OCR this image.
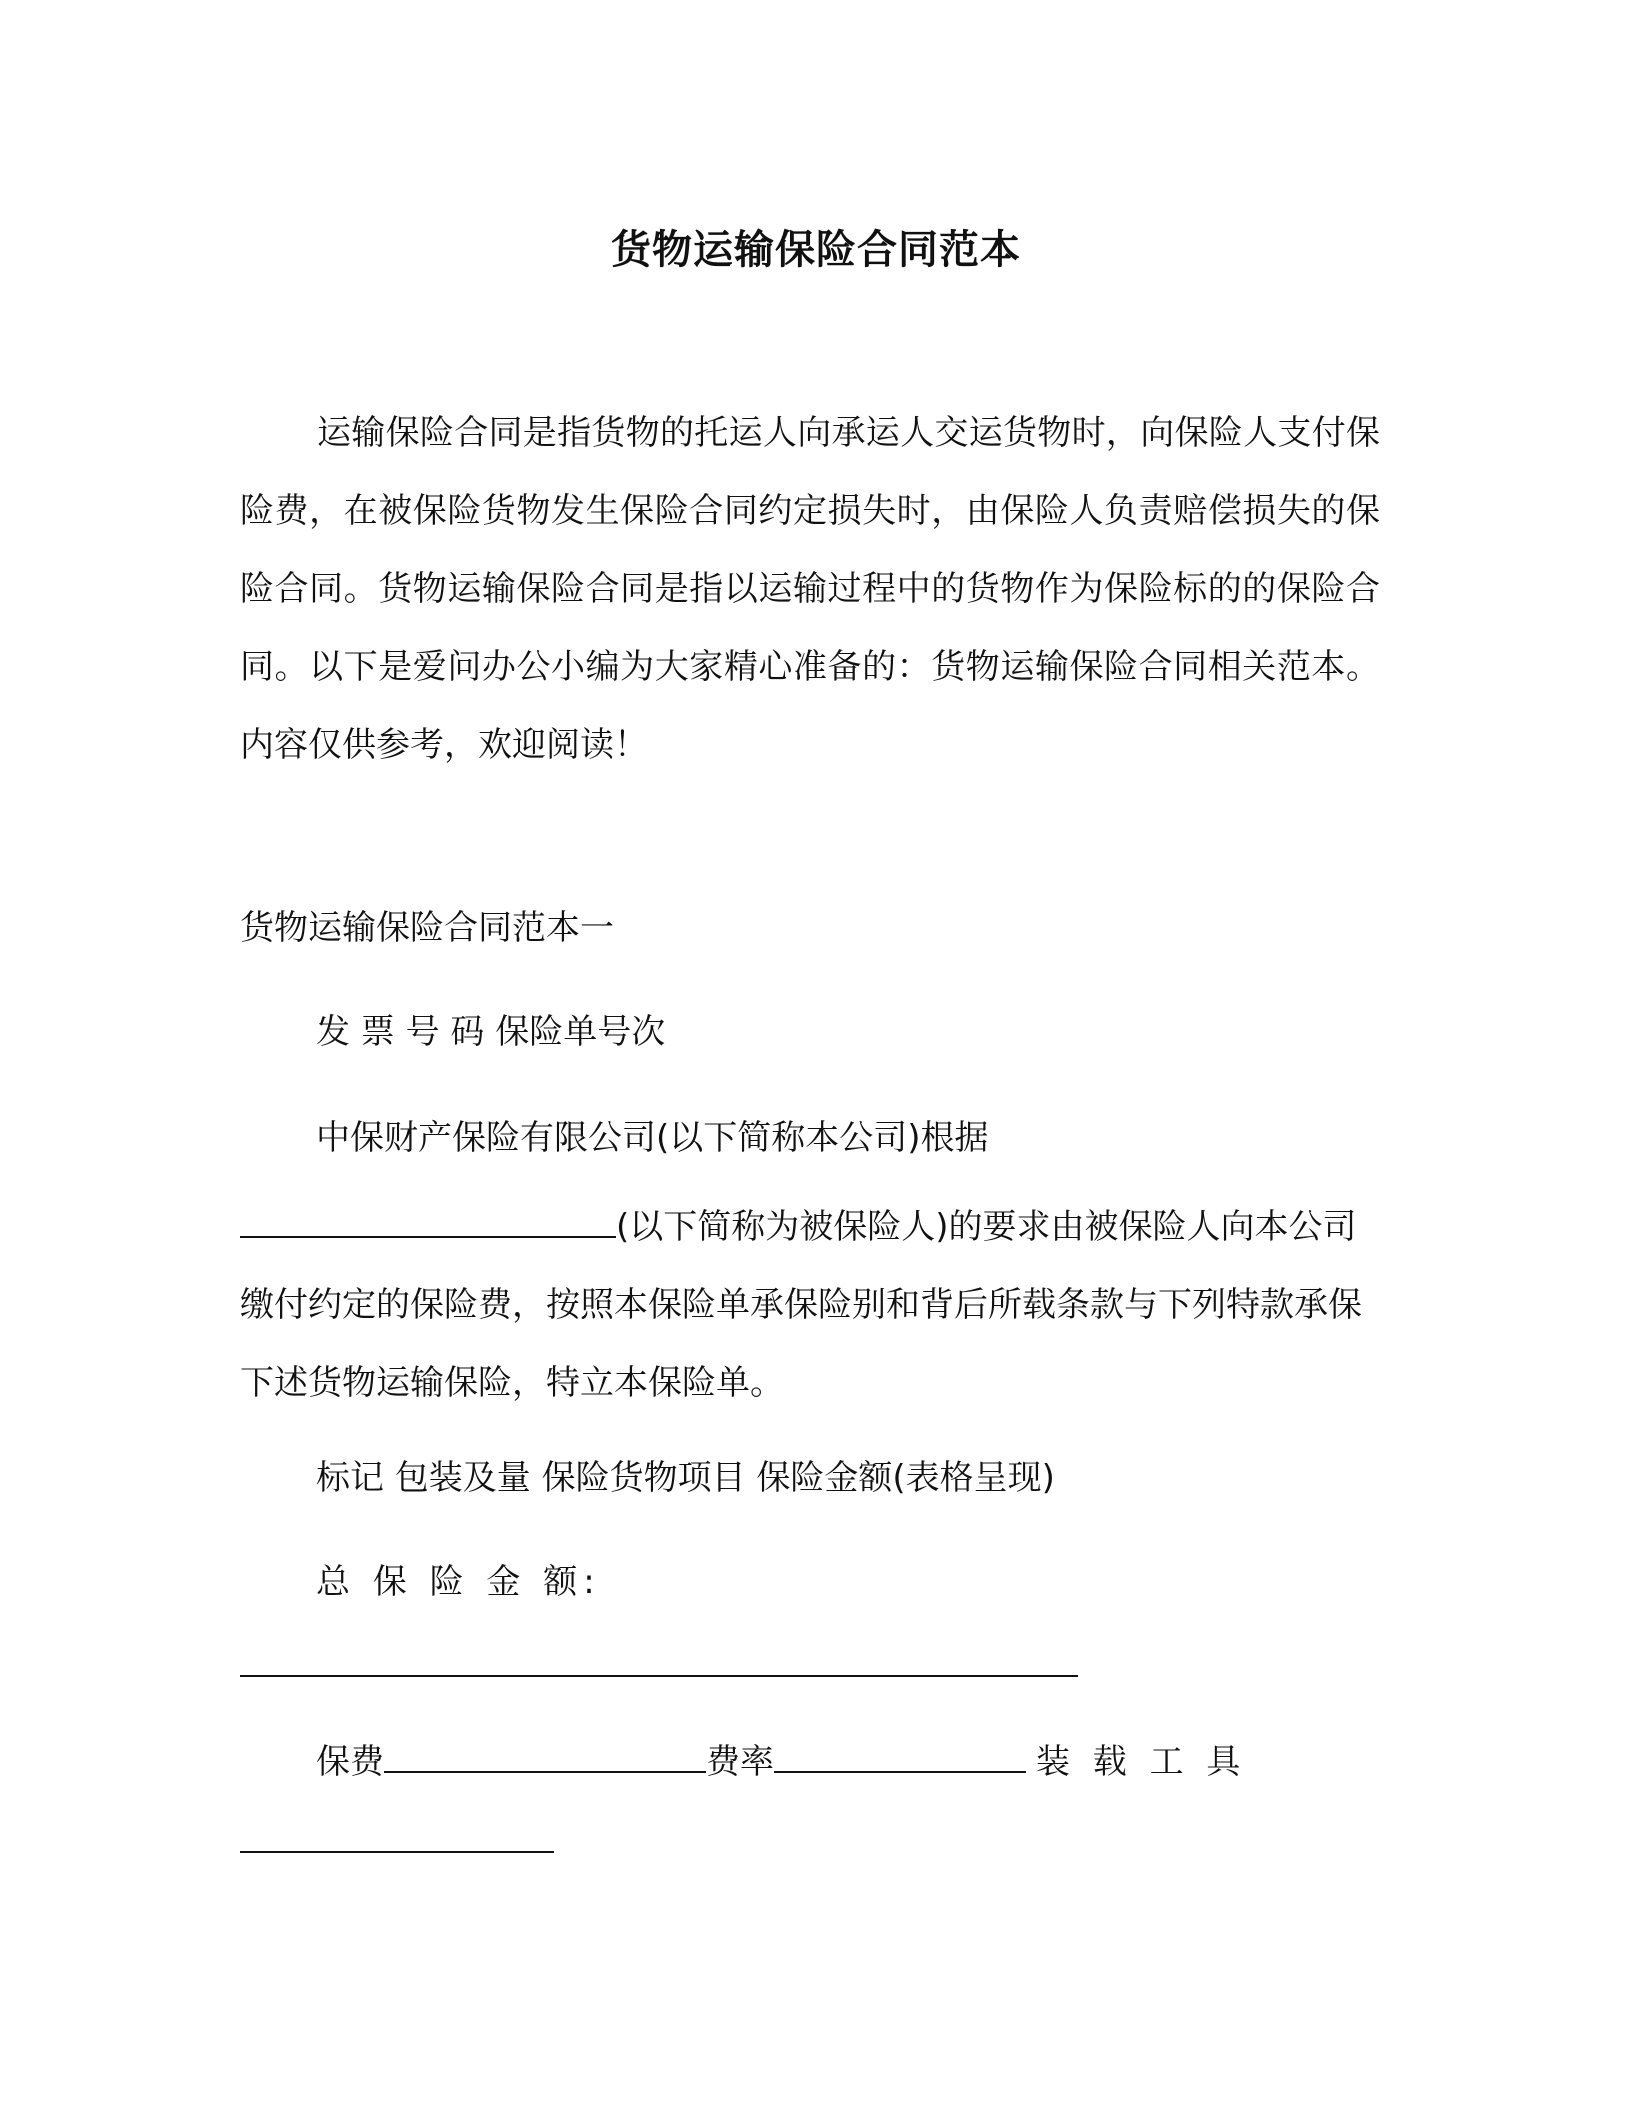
货物运输保险合同范本

运输保险合同是指货物的托运人向承运人交运货物时，向保险人支付保险费，在被保险货物发生保险合同约定损失时，由保险人负责赔偿损失的保险合同。货物运输保险合同是指以运输过程中的货物作为保险标的的保险合同。以下是爱问办公小编为大家精心准备的：货物运输保险合同相关范本。内容仅供参考，欢迎阅读！

货物运输保险合同范本一

发 票 号 码 保险单号次

中保财产保险有限公司(以下简称本公司)根据

(以下简称为被保险人)的要求由被保险人向本公司缴付约定的保险费，按照本保险单承保险别和背后所载条款与下列特款承保下述货物运输保险，特立本保险单。

标记 包装及量 保险货物项目 保险金额(表格呈现)

总 保 险 金 额:

保费	费率	装 载 工 具
